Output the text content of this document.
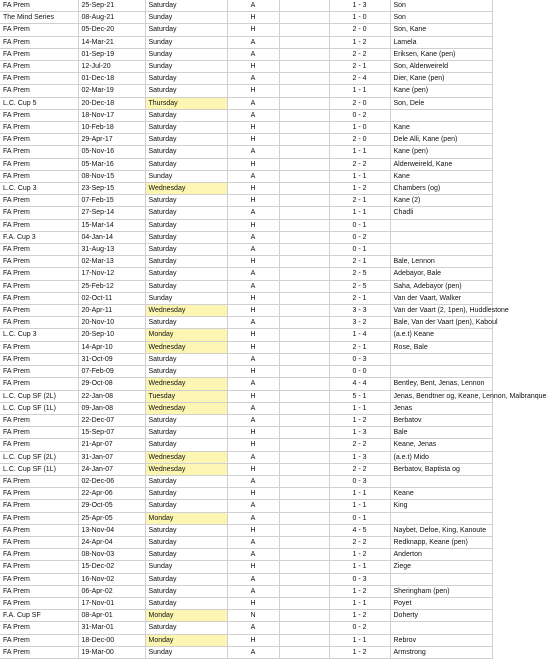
FA Prem	25-Sep-21	Saturday	A		1 - 3	Son
The Mind Series	08-Aug-21	Sunday	H		1 - 0	Son
FA Prem	05-Dec-20	Saturday	H		2 - 0	Son, Kane
FA Prem	14-Mar-21	Sunday	A		1 - 2	Lamela
FA Prem	01-Sep-19	Sunday	A		2 - 2	Eriksen, Kane (pen)
FA Prem	12-Jul-20	Sunday	H		2 - 1	Son, Alderweireld
FA Prem	01-Dec-18	Saturday	A		2 - 4	Dier, Kane (pen)
FA Prem	02-Mar-19	Saturday	H		1 - 1	Kane (pen)
L.C. Cup 5	20-Dec-18	Thursday	A		2 - 0	Son, Dele
FA Prem	18-Nov-17	Saturday	A		0 - 2	
FA Prem	10-Feb-18	Saturday	H		1 - 0	Kane
FA Prem	29-Apr-17	Saturday	H		2 - 0	Dele Alli, Kane (pen)
FA Prem	05-Nov-16	Saturday	A		1 - 1	Kane (pen)
FA Prem	05-Mar-16	Saturday	H		2 - 2	Alderweireld, Kane
FA Prem	08-Nov-15	Sunday	A		1 - 1	Kane
L.C. Cup 3	23-Sep-15	Wednesday	H		1 - 2	Chambers (og)
FA Prem	07-Feb-15	Saturday	H		2 - 1	Kane (2)
FA Prem	27-Sep-14	Saturday	A		1 - 1	Chadli
FA Prem	15-Mar-14	Saturday	H		0 - 1	
F.A. Cup 3	04-Jan-14	Saturday	A		0 - 2	
FA Prem	31-Aug-13	Saturday	A		0 - 1	
FA Prem	02-Mar-13	Saturday	H		2 - 1	Bale, Lennon
FA Prem	17-Nov-12	Saturday	A		2 - 5	Adebayor, Bale
FA Prem	25-Feb-12	Saturday	A		2 - 5	Saha, Adebayor (pen)
FA Prem	02-Oct-11	Sunday	H		2 - 1	Van der Vaart, Walker
FA Prem	20-Apr-11	Wednesday	H		3 - 3	Van der Vaart (2, 1pen), Huddlestone
FA Prem	20-Nov-10	Saturday	A		3 - 2	Bale, Van der Vaart (pen), Kaboul
L.C. Cup 3	20-Sep-10	Monday	H		1 - 4	(a.e.t) Keane
FA Prem	14-Apr-10	Wednesday	H		2 - 1	Rose, Bale
FA Prem	31-Oct-09	Saturday	A		0 - 3	
FA Prem	07-Feb-09	Saturday	H		0 - 0	
FA Prem	29-Oct-08	Wednesday	A		4 - 4	Bentley, Bent, Jenas, Lennon
L.C. Cup SF (2L)	22-Jan-08	Tuesday	H		5 - 1	Jenas, Bendtner og, Keane, Lennon, Malbranque
L.C. Cup SF (1L)	09-Jan-08	Wednesday	A		1 - 1	Jenas
FA Prem	22-Dec-07	Saturday	A		1 - 2	Berbatov
FA Prem	15-Sep-07	Saturday	H		1 - 3	Bale
FA Prem	21-Apr-07	Saturday	H		2 - 2	Keane, Jenas
L.C. Cup SF (2L)	31-Jan-07	Wednesday	A		1 - 3	(a.e.t) Mido
L.C. Cup SF (1L)	24-Jan-07	Wednesday	H		2 - 2	Berbatov, Baptista og
FA Prem	02-Dec-06	Saturday	A		0 - 3	
FA Prem	22-Apr-06	Saturday	H		1 - 1	Keane
FA Prem	29-Oct-05	Saturday	A		1 - 1	King
FA Prem	25-Apr-05	Monday	A		0 - 1	
FA Prem	13-Nov-04	Saturday	H		4 - 5	Naybet, Defoe, King, Kanoute
FA Prem	24-Apr-04	Saturday	A		2 - 2	Redknapp, Keane (pen)
FA Prem	08-Nov-03	Saturday	A		1 - 2	Anderton
FA Prem	15-Dec-02	Sunday	H		1 - 1	Ziege
FA Prem	16-Nov-02	Saturday	A		0 - 3	
FA Prem	06-Apr-02	Saturday	A		1 - 2	Sheringham (pen)
FA Prem	17-Nov-01	Saturday	H		1 - 1	Poyet
F.A. Cup SF	08-Apr-01	Monday	N		1 - 2	Doherty
FA Prem	31-Mar-01	Saturday	A		0 - 2	
FA Prem	18-Dec-00	Monday	H		1 - 1	Rebrov
FA Prem	19-Mar-00	Sunday	A		1 - 2	Armstrong
